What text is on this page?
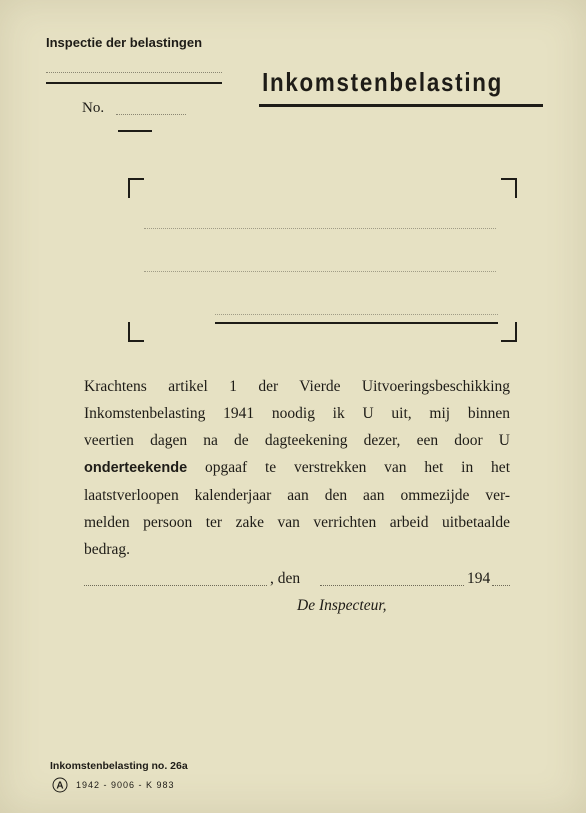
Inspectie der belastingen
Inkomstenbelasting
No.
Krachtens artikel 1 der Vierde Uitvoeringsbeschikking
Inkomstenbelasting 1941 noodig ik U uit, mij binnen
veertien dagen na de dagteekening dezer, een door U
onderteekende opgaaf te verstrekken van het in het
laatstverloopen kalenderjaar aan den aan ommezijde ver-
melden persoon ter zake van verrichten arbeid uitbetaalde
bedrag.
, den	194
De Inspecteur,
Inkomstenbelasting no. 26a
A 1942 - 9006 - K 983
